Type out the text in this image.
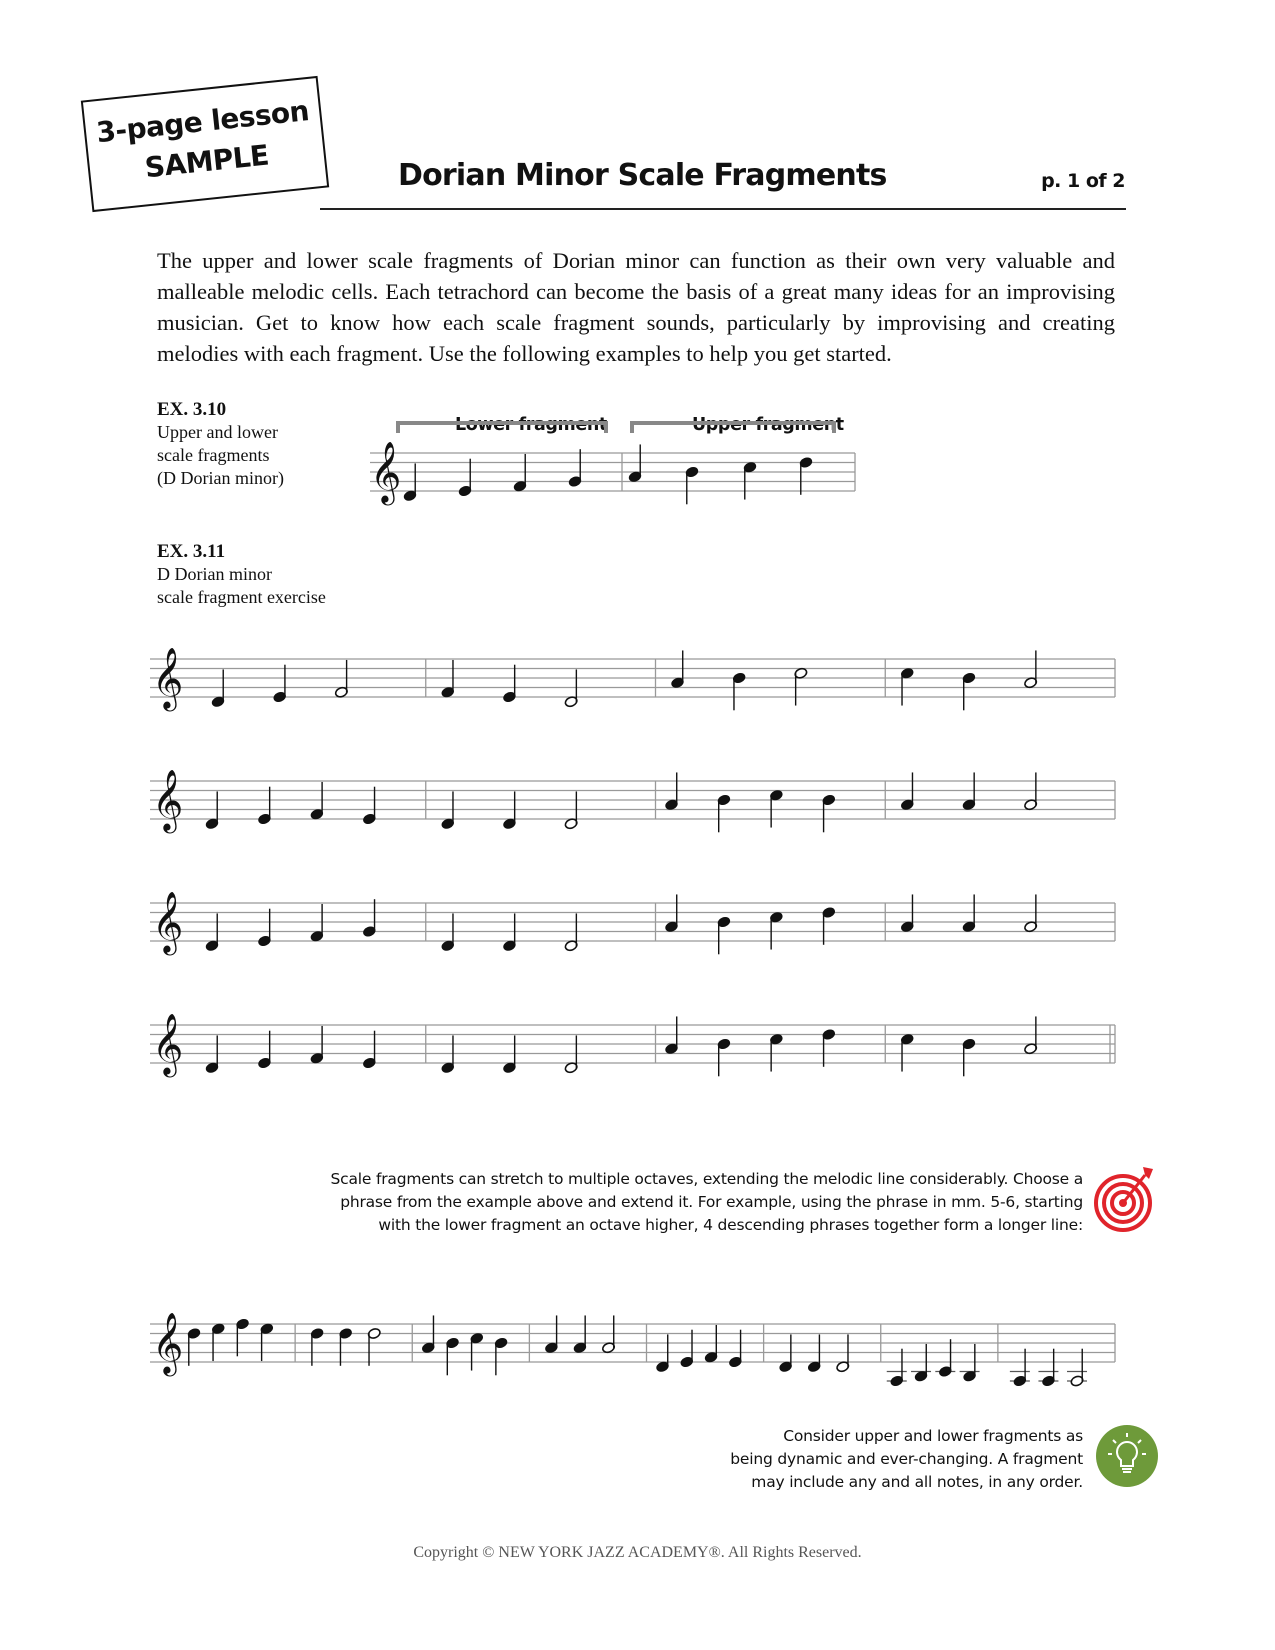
3-page lesson
SAMPLE	Dorian Minor Scale Fragments	p. 1 of 2
The upper and lower scale fragments of Dorian minor can function as their own very valuable and malleable melodic cells. Each tetrachord can become the basis of a great many ideas for an improvising musician. Get to know how each scale fragment sounds, particularly by improvising and creating melodies with each fragment. Use the following examples to help you get started.
EX. 3.10
Upper and lower
scale fragments
(D Dorian minor)
Lower fragment	Upper fragment
𝄞
EX. 3.11
D Dorian minor
scale fragment exercise
𝄞
𝄞
𝄞
𝄞
Scale fragments can stretch to multiple octaves, extending the melodic line considerably. Choose a
phrase from the example above and extend it. For example, using the phrase in mm. 5-6, starting
with the lower fragment an octave higher, 4 descending phrases together form a longer line:
𝄞
Consider upper and lower fragments as
being dynamic and ever-changing. A fragment
may include any and all notes, in any order.
Copyright © NEW YORK JAZZ ACADEMY®. All Rights Reserved.
